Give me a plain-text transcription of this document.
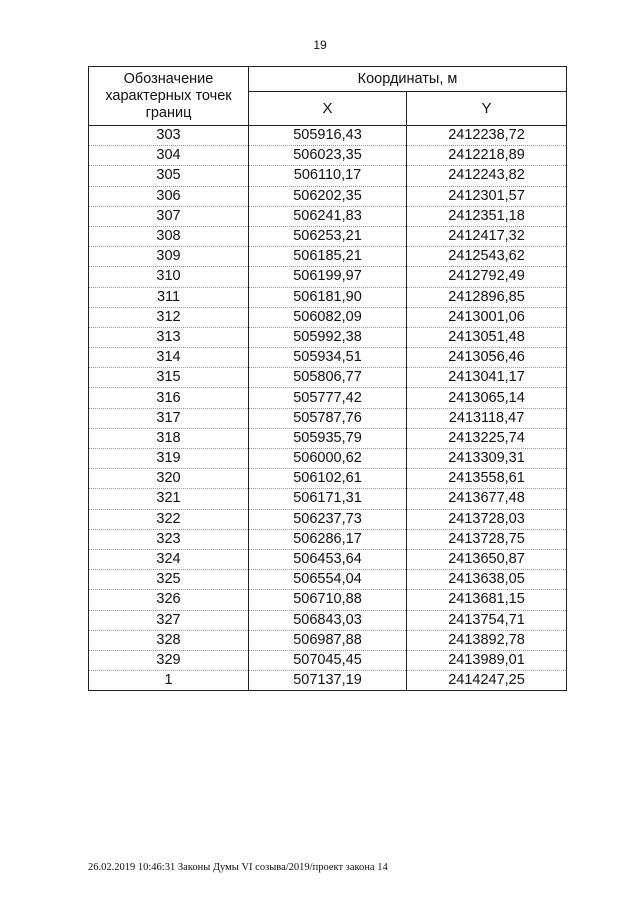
19
Обозначение характерных точек границ	Координаты, м	
	X	Y
303	505916,43	2412238,72
304	506023,35	2412218,89
305	506110,17	2412243,82
306	506202,35	2412301,57
307	506241,83	2412351,18
308	506253,21	2412417,32
309	506185,21	2412543,62
310	506199,97	2412792,49
311	506181,90	2412896,85
312	506082,09	2413001,06
313	505992,38	2413051,48
314	505934,51	2413056,46
315	505806,77	2413041,17
316	505777,42	2413065,14
317	505787,76	2413118,47
318	505935,79	2413225,74
319	506000,62	2413309,31
320	506102,61	2413558,61
321	506171,31	2413677,48
322	506237,73	2413728,03
323	506286,17	2413728,75
324	506453,64	2413650,87
325	506554,04	2413638,05
326	506710,88	2413681,15
327	506843,03	2413754,71
328	506987,88	2413892,78
329	507045,45	2413989,01
1	507137,19	2414247,25
26.02.2019 10:46:31 Законы Думы VI созыва/2019/проект закона 14
